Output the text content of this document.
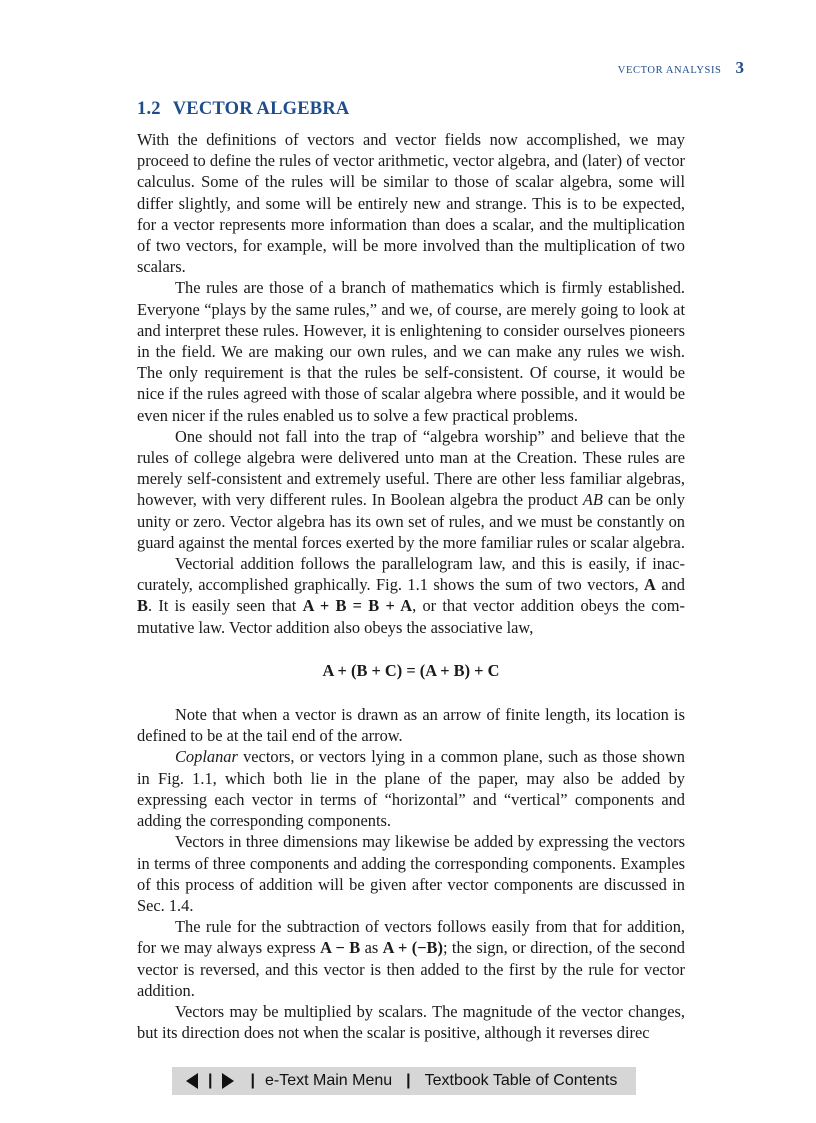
VECTOR ANALYSIS 3
1.2 VECTOR ALGEBRA

With the definitions of vectors and vector fields now accomplished, we may proceed to define the rules of vector arithmetic, vector algebra, and (later) of vector calculus. Some of the rules will be similar to those of scalar algebra, some will differ slightly, and some will be entirely new and strange. This is to be expected, for a vector represents more information than does a scalar, and the multiplication of two vectors, for example, will be more involved than the multiplication of two scalars.

The rules are those of a branch of mathematics which is firmly established. Everyone “plays by the same rules,” and we, of course, are merely going to look at and interpret these rules. However, it is enlightening to consider ourselves pioneers in the field. We are making our own rules, and we can make any rules we wish. The only requirement is that the rules be self-consistent. Of course, it would be nice if the rules agreed with those of scalar algebra where possible, and it would be even nicer if the rules enabled us to solve a few practical problems.

One should not fall into the trap of “algebra worship” and believe that the rules of college algebra were delivered unto man at the Creation. These rules are merely self-consistent and extremely useful. There are other less familiar algebras, however, with very different rules. In Boolean algebra the product AB can be only unity or zero. Vector algebra has its own set of rules, and we must be constantly on guard against the mental forces exerted by the more familiar rules or scalar algebra.

Vectorial addition follows the parallelogram law, and this is easily, if inaccurately, accomplished graphically. Fig. 1.1 shows the sum of two vectors, A and B. It is easily seen that A + B = B + A, or that vector addition obeys the commutative law. Vector addition also obeys the associative law,

A + (B + C) = (A + B) + C

Note that when a vector is drawn as an arrow of finite length, its location is defined to be at the tail end of the arrow.

Coplanar vectors, or vectors lying in a common plane, such as those shown in Fig. 1.1, which both lie in the plane of the paper, may also be added by expressing each vector in terms of “horizontal” and “vertical” components and adding the corresponding components.

Vectors in three dimensions may likewise be added by expressing the vectors in terms of three components and adding the corresponding components. Examples of this process of addition will be given after vector components are discussed in Sec. 1.4.

The rule for the subtraction of vectors follows easily from that for addition, for we may always express A − B as A + (−B); the sign, or direction, of the second vector is reversed, and this vector is then added to the first by the rule for vector addition.

Vectors may be multiplied by scalars. The magnitude of the vector changes, but its direction does not when the scalar is positive, although it reverses direc

| | e-Text Main Menu | Textbook Table of Contents
